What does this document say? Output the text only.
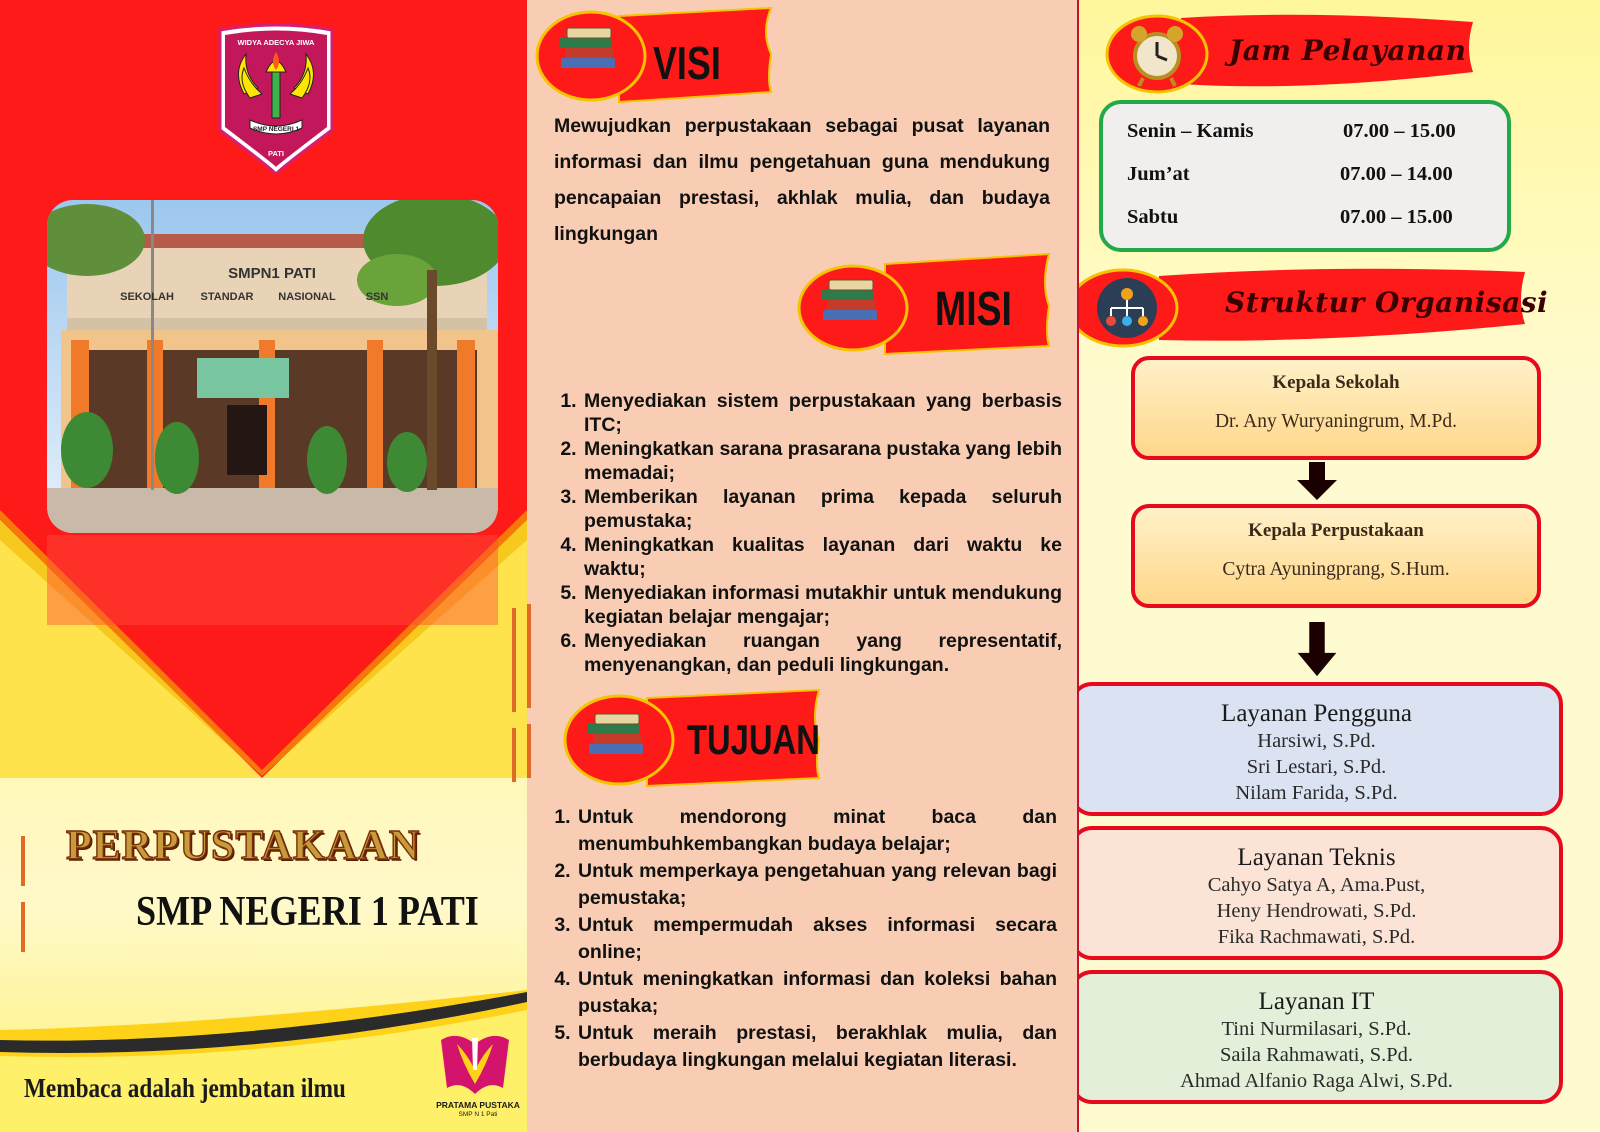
WIDYA ADECYA JIWA
SMP NEGERI 1
PATI
SMPN1 PATI
SEKOLAH STANDAR NASIONAL	SSN
PERPUSTAKAAN
SMP NEGERI 1 PATI
Membaca adalah jembatan ilmu
PRATAMA PUSTAKA
SMP N 1 Pati
VISI
Mewujudkan perpustakaan sebagai pusat layanan informasi dan ilmu pengetahuan guna mendukung pencapaian prestasi, akhlak mulia, dan budaya lingkungan
MISI
1. Menyediakan sistem perpustakaan yang berbasis ITC;
2. Meningkatkan sarana prasarana pustaka yang lebih memadai;
3. Memberikan layanan prima kepada seluruh pemustaka;
4. Meningkatkan kualitas layanan dari waktu ke waktu;
5. Menyediakan informasi mutakhir untuk mendukung kegiatan belajar mengajar;
6. Menyediakan ruangan yang representatif, menyenangkan, dan peduli lingkungan.
TUJUAN
1. Untuk mendorong minat baca dan menumbuhkembangkan budaya belajar;
2. Untuk memperkaya pengetahuan yang relevan bagi pemustaka;
3. Untuk mempermudah akses informasi secara online;
4. Untuk meningkatkan informasi dan koleksi bahan pustaka;
5. Untuk meraih prestasi, berakhlak mulia, dan berbudaya lingkungan melalui kegiatan literasi.
Jam Pelayanan
Senin – Kamis	07.00 – 15.00
Jum’at	07.00 – 14.00
Sabtu	07.00 – 15.00
Struktur Organisasi
Kepala Sekolah
Dr. Any Wuryaningrum, M.Pd.
Kepala Perpustakaan
Cytra Ayuningprang, S.Hum.
Layanan Pengguna
Harsiwi, S.Pd.
Sri Lestari, S.Pd.
Nilam Farida, S.Pd.
Layanan Teknis
Cahyo Satya A, Ama.Pust,
Heny Hendrowati, S.Pd.
Fika Rachmawati, S.Pd.
Layanan IT
Tini Nurmilasari, S.Pd.
Saila Rahmawati, S.Pd.
Ahmad Alfanio Raga Alwi, S.Pd.
